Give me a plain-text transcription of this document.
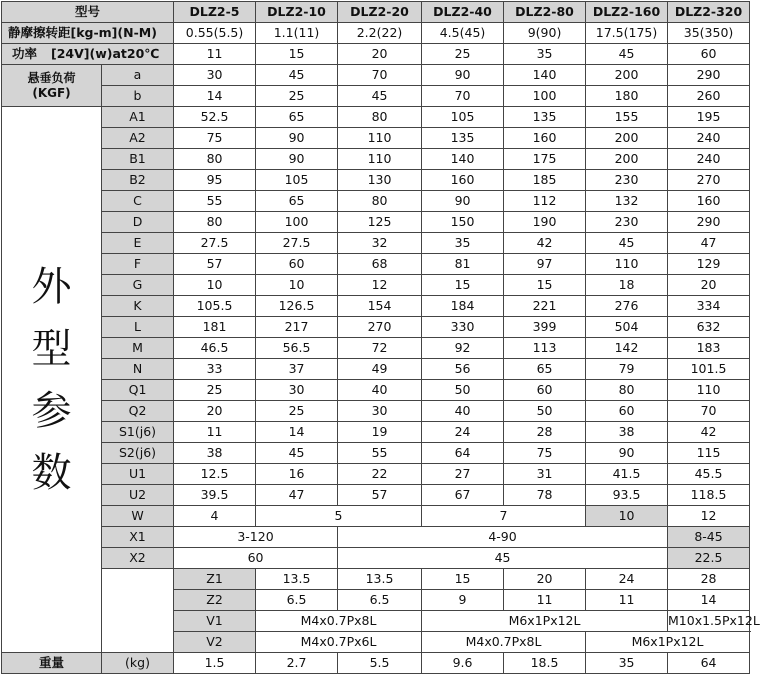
型号		DLZ2-5	DLZ2-10	DLZ2-20	DLZ2-40	DLZ2-80	DLZ2-160	DLZ2-320	
静摩擦转距[kg-m](N-M)		0.55(5.5)	1.1(11)	2.2(22)	4.5(45)	9(90)	17.5(175)	35(350)	
功率 [24V](w)at20℃		11	15	20	25	35	45	60	
悬垂负荷
(KGF)	a	30	45	70	90	140	200	290	
	b	14	25	45	70	100	180	260	

外
型
参
数	A1	52.5	65	80	105	135	155	195	
	A2	75	90	110	135	160	200	240	
	B1	80	90	110	140	175	200	240	
	B2	95	105	130	160	185	230	270	
	C	55	65	80	90	112	132	160	
	D	80	100	125	150	190	230	290	
	E	27.5	27.5	32	35	42	45	47	
	F	57	60	68	81	97	110	129	
	G	10	10	12	15	15	18	20	
	K	105.5	126.5	154	184	221	276	334	
	L	181	217	270	330	399	504	632	
	M	46.5	56.5	72	92	113	142	183	
	N	33	37	49	56	65	79	101.5	
	Q1	25	30	40	50	60	80	110	
	Q2	20	25	30	40	50	60	70	
	S1(j6)	11	14	19	24	28	38	42	
	S2(j6)	38	45	55	64	75	90	115	
	U1	12.5	16	22	27	31	41.5	45.5	
	U2	39.5	47	57	67	78	93.5	118.5	
	W	4	5		7		10	12	
	X1	3-120		4-90				8-45	
	X2	60		45				22.5	
		Z1	13.5	13.5	15	20	24	28	
		Z2	6.5	6.5	9	11	11	14	
		V1	M4x0.7Px8L		M6x1Px12L			M10x1.5Px12L	
		V2	M4x0.7Px6L		M4x0.7Px8L		M6x1Px12L		
重量	(kg)	1.5	2.7	5.5	9.6	18.5	35	64	
